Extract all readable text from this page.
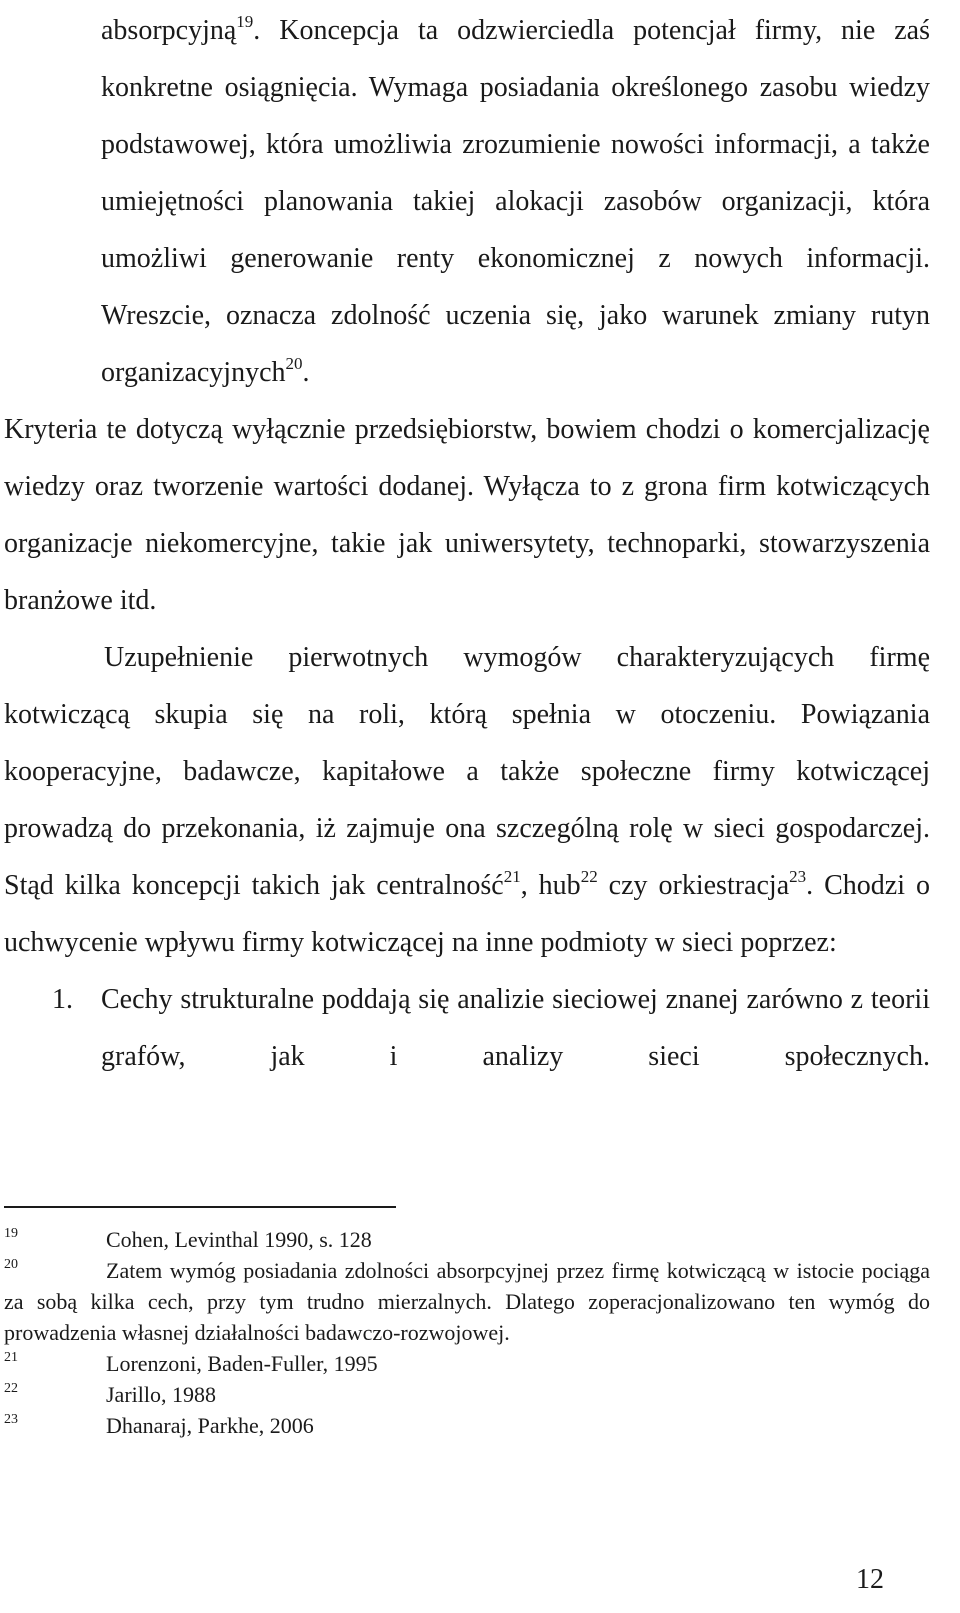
absorpcyjną$^{19}$. Koncepcja ta odzwierciedla potencjał firmy, nie zaś konkretne osiągnięcia. Wymaga posiadania określonego zasobu wiedzy podstawowej, która umożliwia zrozumienie nowości informacji, a także umiejętności planowania takiej alokacji zasobów organizacji, która umożliwi generowanie renty ekonomicznej z nowych informacji. Wreszcie, oznacza zdolność uczenia się, jako warunek zmiany rutyn organizacyjnych$^{20}$.

Kryteria te dotyczą wyłącznie przedsiębiorstw, bowiem chodzi o komercjalizację wiedzy oraz tworzenie wartości dodanej. Wyłącza to z grona firm kotwiczących organizacje niekomercyjne, takie jak uniwersytety, technoparki, stowarzyszenia branżowe itd.

Uzupełnienie pierwotnych wymogów charakteryzujących firmę kotwiczącą skupia się na roli, którą spełnia w otoczeniu. Powiązania kooperacyjne, badawcze, kapitałowe a także społeczne firmy kotwiczącej prowadzą do przekonania, iż zajmuje ona szczególną rolę w sieci gospodarczej. Stąd kilka koncepcji takich jak centralność$^{21}$, hub$^{22}$ czy orkiestracja$^{23}$. Chodzi o uchwycenie wpływu firmy kotwiczącej na inne podmioty w sieci poprzez:

1. Cechy strukturalne poddają się analizie sieciowej znanej zarówno z teorii grafów, jak i analizy sieci społecznych.

19	Cohen, Levinthal 1990, s. 128

20	Zatem wymóg posiadania zdolności absorpcyjnej przez firmę kotwiczącą w istocie pociąga za sobą kilka cech, przy tym trudno mierzalnych. Dlatego zoperacjonalizowano ten wymóg do prowadzenia własnej działalności badawczo-rozwojowej.

21	Lorenzoni, Baden-Fuller, 1995

22	Jarillo, 1988

23	Dhanaraj, Parkhe, 2006

12
